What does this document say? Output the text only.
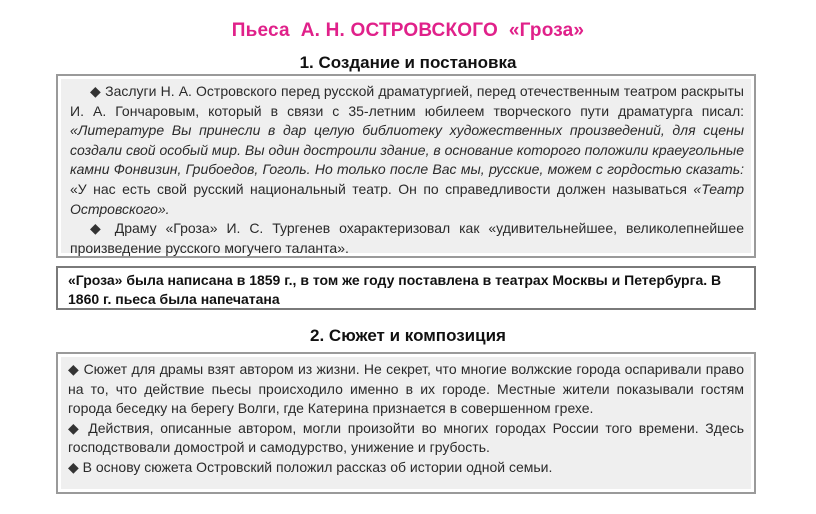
Пьеса  А. Н. ОСТРОВСКОГО  «Гроза»
1. Создание и постановка

◆ Заслуги Н. А. Островского перед русской драматургией, перед отечественным театром раскрыты И. А. Гончаровым, который в связи с 35-летним юбилеем творческого пути драматурга писал: «Литературе Вы принесли в дар целую библиотеку художественных произведений, для сцены создали свой особый мир. Вы один достроили здание, в основание которого положили краеугольные камни Фонвизин, Грибоедов, Гоголь. Но только после Вас мы, русские, можем с гордостью сказать: «У нас есть свой русский национальный театр. Он по справедливости должен называться «Театр Островского».

◆ Драму «Гроза» И. С. Тургенев охарактеризовал как «удивительнейшее, великолепнейшее произведение русского могучего таланта».

«Гроза» была написана в 1859 г., в том же году поставлена в театрах Москвы и Петербурга. В 1860 г. пьеса была напечатана

2. Сюжет и композиция

◆ Сюжет для драмы взят автором из жизни. Не секрет, что многие волжские города оспаривали право на то, что действие пьесы происходило именно в их городе. Местные жители показывали гостям города беседку на берегу Волги, где Катерина признается в совершенном грехе.

◆ Действия, описанные автором, могли произойти во многих городах России того времени. Здесь господствовали домострой и самодурство, унижение и грубость.

◆ В основу сюжета Островский положил рассказ об истории одной семьи.
